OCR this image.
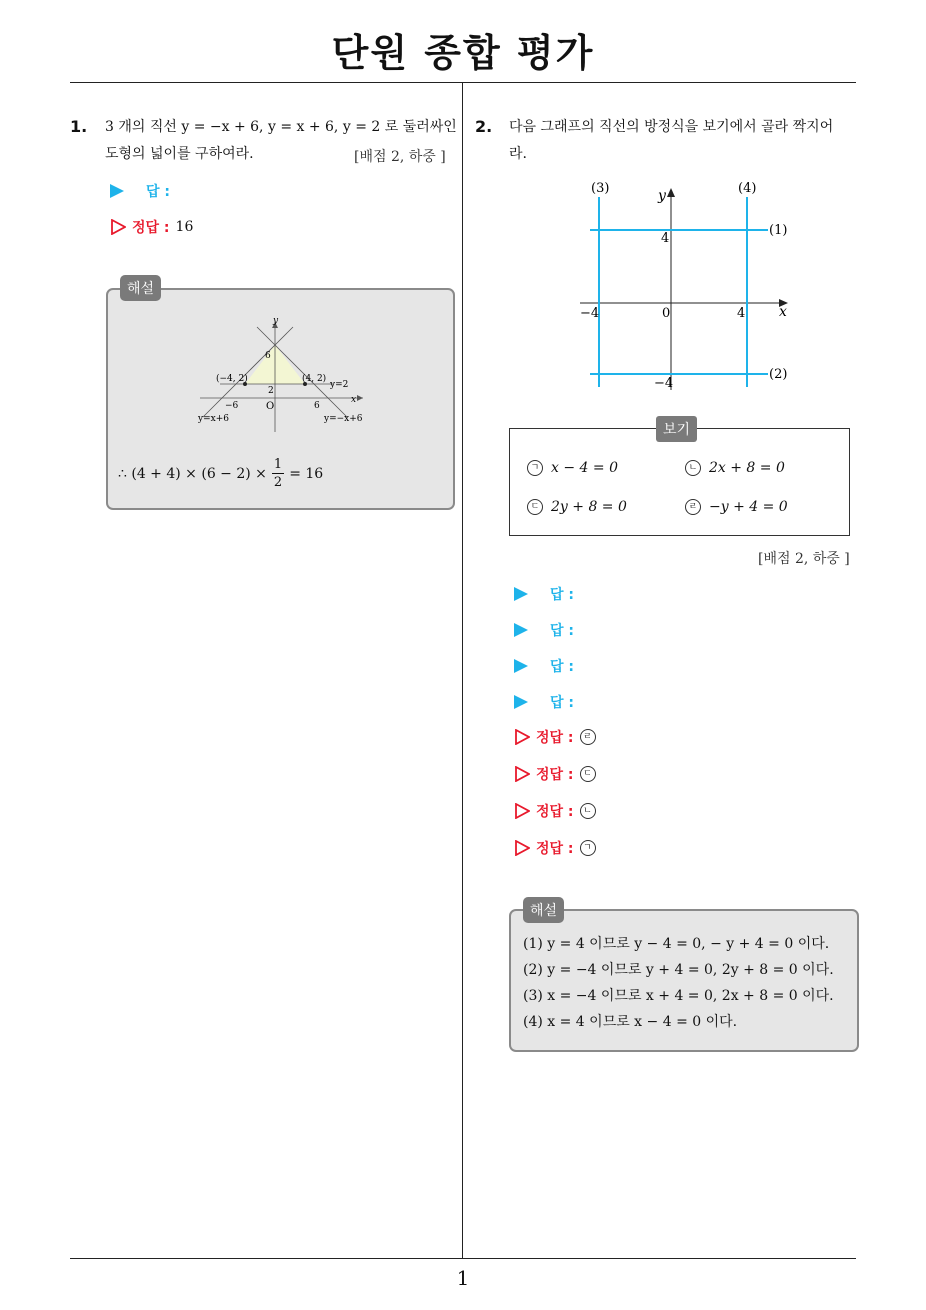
단원 종합 평가
1
1. 3 개의 직선 y = −x + 6, y = x + 6, y = 2 로 둘러싸인
도형의 넓이를 구하여라.	[배점 2, 하중 ]
답 :
정답 : 16
y
x
O
6
2
−6	6
(−4, 2)	(4, 2)
y=2
y=x+6	y=−x+6
∴ $(4 + 4) \times (6 - 2) \times \frac{1}{2} = 16$
해설
2. 다음 그래프의 직선의 방정식을 보기에서 골라 짝지어
라.
(3)	(4)
(1)
(2)
y
x
4
−4
−4	4
0
보기
ㄱ x − 4 = 0	ㄴ 2x + 8 = 0
ㄷ 2y + 8 = 0	ㄹ −y + 4 = 0
[배점 2, 하중 ]
답 :
답 :
답 :
답 :
정답 :	ㄹ
정답 :	ㄷ
정답 :	ㄴ
정답 :	ㄱ
(1) y = 4 이므로 y − 4 = 0, − y + 4 = 0 이다.
(2) y = −4 이므로 y + 4 = 0, 2y + 8 = 0 이다.
(3) x = −4 이므로 x + 4 = 0, 2x + 8 = 0 이다.
(4) x = 4 이므로 x − 4 = 0 이다.
해설
